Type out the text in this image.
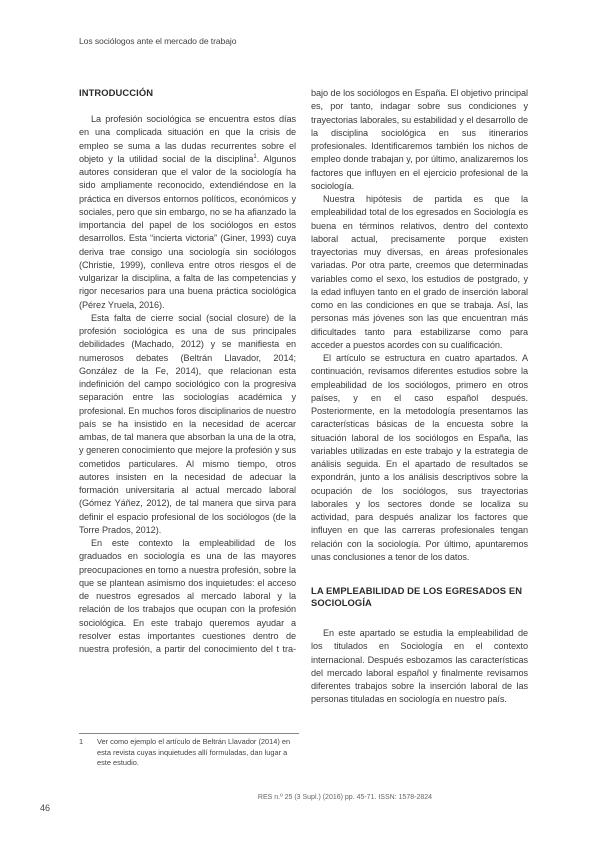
Los sociólogos ante el mercado de trabajo
INTRODUCCIÓN

La profesión sociológica se encuentra estos días en una complicada situación en que la crisis de empleo se suma a las dudas recurrentes sobre el objeto y la utilidad social de la disciplina$^1$. Algunos autores consideran que el valor de la sociología ha sido ampliamente reconocido, extendiéndose en la práctica en diversos entornos políticos, económicos y sociales, pero que sin embargo, no se ha afianzado la importancia del papel de los sociólogos en estos desarrollos. Esta “incierta victoria” (Giner, 1993) cuya deriva trae consigo una sociología sin sociólogos (Christie, 1999), conlleva entre otros riesgos el de vulgarizar la disciplina, a falta de las competencias y rigor necesarios para una buena práctica sociológica (Pérez Yruela, 2016).

Esta falta de cierre social (social closure) de la profesión sociológica es una de sus principales debilidades (Machado, 2012) y se manifiesta en numerosos debates (Beltrán Llavador, 2014; González de la Fe, 2014), que relacionan esta indefinición del campo sociológico con la progresiva separación entre las sociologías académica y profesional. En muchos foros disciplinarios de nuestro país se ha insistido en la necesidad de acercar ambas, de tal manera que absorban la una de la otra, y generen conocimiento que mejore la profesión y sus cometidos particulares. Al mismo tiempo, otros autores insisten en la necesidad de adecuar la formación universitaria al actual mercado laboral (Gómez Yáñez, 2012), de tal manera que sirva para definir el espacio profesional de los sociólogos (de la Torre Prados, 2012).

En este contexto la empleabilidad de los graduados en sociología es una de las mayores preocupaciones en torno a nuestra profesión, sobre la que se plantean asimismo dos inquietudes: el acceso de nuestros egresados al mercado laboral y la relación de los trabajos que ocupan con la profesión sociológica. En este trabajo queremos ayudar a resolver estas importantes cuestiones dentro de nuestra profesión, a partir del conocimiento del t tra-

bajo de los sociólogos en España. El objetivo principal es, por tanto, indagar sobre sus condiciones y trayectorias laborales, su estabilidad y el desarrollo de la disciplina sociológica en sus itinerarios profesionales. Identificaremos también los nichos de empleo donde trabajan y, por último, analizaremos los factores que influyen en el ejercicio profesional de la sociología.

Nuestra hipótesis de partida es que la empleabilidad total de los egresados en Sociología es buena en términos relativos, dentro del contexto laboral actual, precisamente porque existen trayectorias muy diversas, en áreas profesionales variadas. Por otra parte, creemos que determinadas variables como el sexo, los estudios de postgrado, y la edad influyen tanto en el grado de inserción laboral como en las condiciones en que se trabaja. Así, las personas más jóvenes son las que encuentran más dificultades tanto para estabilizarse como para acceder a puestos acordes con su cualificación.

El artículo se estructura en cuatro apartados. A continuación, revisamos diferentes estudios sobre la empleabilidad de los sociólogos, primero en otros países, y en el caso español después. Posteriormente, en la metodología presentamos las características básicas de la encuesta sobre la situación laboral de los sociólogos en España, las variables utilizadas en este trabajo y la estrategia de análisis seguida. En el apartado de resultados se expondrán, junto a los análisis descriptivos sobre la ocupación de los sociólogos, sus trayectorias laborales y los sectores donde se localiza su actividad, para después analizar los factores que influyen en que las carreras profesionales tengan relación con la sociología. Por último, apuntaremos unas conclusiones a tenor de los datos.

LA EMPLEABILIDAD DE LOS EGRESADOS EN SOCIOLOGÍA

En este apartado se estudia la empleabilidad de los titulados en Sociología en el contexto internacional. Después esbozamos las características del mercado laboral español y finalmente revisamos diferentes trabajos sobre la inserción laboral de las personas tituladas en sociología en nuestro país.

1	Ver como ejemplo el artículo de Beltrán Llavador (2014) en esta revista cuyas inquietudes allí formuladas, dan lugar a este estudio.
RES n.º 25 (3 Supl.) (2016) pp. 45-71. ISSN: 1578-2824
46
